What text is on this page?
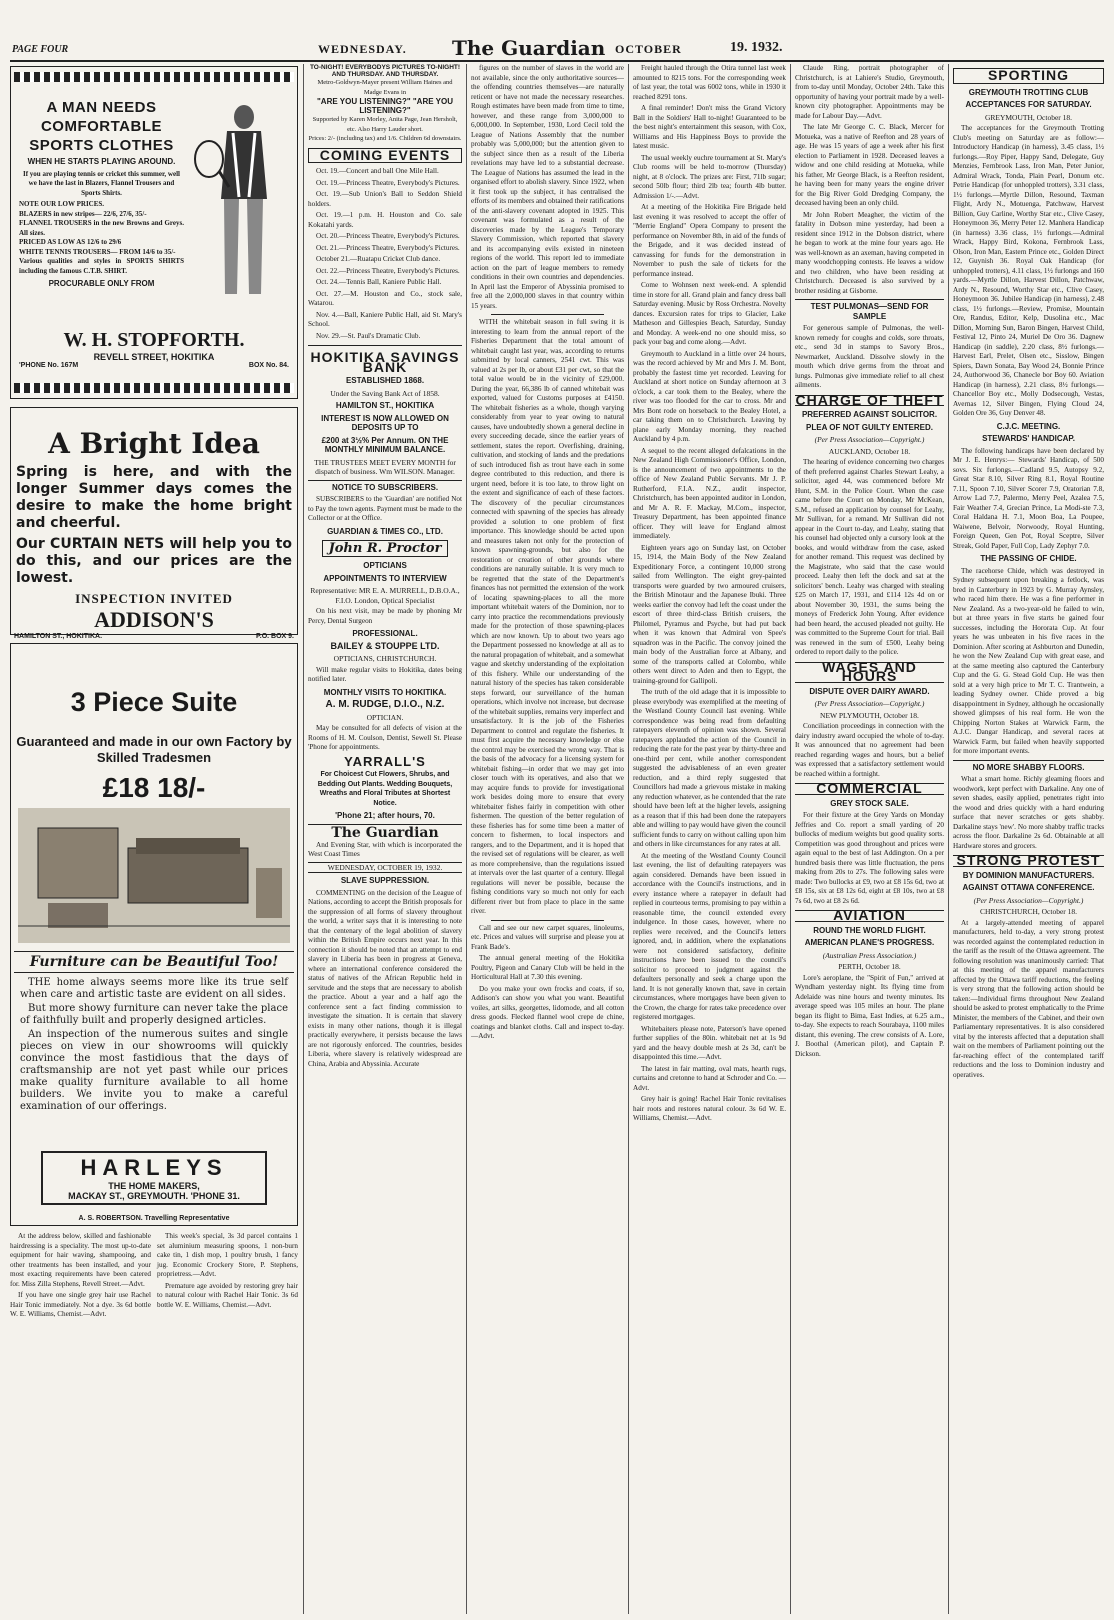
PAGE FOUR	WEDNESDAY. The Guardian OCTOBER	19. 1932.
A MAN NEEDS
COMFORTABLE
SPORTS CLOTHES
WHEN HE STARTS PLAYING AROUND.

If you are playing tennis or cricket this summer, well we have the last in Blazers, Flannel Trousers and Sports Shirts.

NOTE OUR LOW PRICES.
BLAZERS in new stripes— 22/6, 27/6, 35/-
FLANNEL TROUSERS in the new Browns and Greys. All sizes.
PRICED AS LOW AS 12/6 to 29/6
WHITE TENNIS TROUSERS— FROM 14/6 to 35/-
Various qualities and styles in SPORTS SHIRTS including the famous C.T.B. SHIRT.
PROCURABLE ONLY FROM
W. H. STOPFORTH.
REVELL STREET, HOKITIKA
'PHONE No. 167M	BOX No. 84.
A Bright Idea
Spring is here, and with the longer Summer days comes the desire to make the home bright and cheerful.
Our CURTAIN NETS will help you to do this, and our prices are the lowest.
INSPECTION INVITED
ADDISON'S
HAMILTON ST., HOKITIKA.	P.O. BOX 9.
3 Piece Suite
Guaranteed and made in our own Factory by Skilled Tradesmen
£18 18/-
Furniture can be Beautiful Too!

THE home always seems more like its true self when care and artistic taste are evident on all sides.

But more showy furniture can never take the place of faithfully built and properly designed articles.

An inspection of the numerous suites and single pieces on view in our showrooms will quickly convince the most fastidious that the days of craftsmanship are not yet past while our prices make quality furniture available to all home builders. We invite you to make a careful examination of our offerings.

HARLEYS
THE HOME MAKERS,
MACKAY ST., GREYMOUTH. 'PHONE 31.
A. S. ROBERTSON. Travelling Representative

At the address below, skilled and fashionable hairdressing is a speciality. The most up-to-date equipment for hair waving, shampooing, and other treatments has been installed, and your most exacting requirements have been catered for. Miss Zilla Stephens, Revell Street.—Advt.

If you have one single grey hair use Rachel Hair Tonic immediately. Not a dye. 3s 6d bottle W. E. Williams, Chemist.—Advt.

This week's special, 3s 3d parcel contains 1 set aluminium measuring spoons, 1 non-burn cake tin, 1 dish mop, 1 poultry brush, 1 fancy jug. Economic Crockery Store, P. Stephens, proprietress.—Advt.

Premature age avoided by restoring grey hair to natural colour with Rachel Hair Tonic. 3s 6d bottle W. E. Williams, Chemist.—Advt.

TO-NIGHT! EVERYBODYS PICTURES TO-NIGHT! AND THURSDAY. AND THURSDAY.
Metro-Goldwyn-Mayer present William Haines and Madge Evans in
"ARE YOU LISTENING?" "ARE YOU LISTENING?"
Supported by Karen Morley, Anita Page, Jean Hersholt, etc. Also Harry Lauder short.
Prices: 2/- (including tax) and 1/6. Children 6d downstairs.
COMING EVENTS

Oct. 19.—Concert and ball One Mile Hall.

Oct. 19.—Princess Theatre, Everybody's Pictures.

Oct. 19.—Sub Union's Ball to Seddon Shield holders.

Oct. 19.—1 p.m. H. Houston and Co. sale Kokatahi yards.

Oct. 20.—Princess Theatre, Everybody's Pictures.

Oct. 21.—Princess Theatre, Everybody's Pictures.

October 21.—Ruatapu Cricket Club dance.

Oct. 22.—Princess Theatre, Everybody's Pictures.

Oct. 24.—Tennis Ball, Kaniere Public Hall.

Oct. 27.—M. Houston and Co., stock sale, Watarou.

Nov. 4.—Ball, Kaniere Public Hall, aid St. Mary's School.

Nov. 29.—St. Paul's Dramatic Club.

HOKITIKA SAVINGS BANK
ESTABLISHED 1868.
Under the Saving Bank Act of 1858.
HAMILTON ST., HOKITIKA
INTEREST IS NOW ALLOWED ON DEPOSITS UP TO
£200 at 3½% Per Annum. ON THE MONTHLY MINIMUM BALANCE.
THE TRUSTEES MEET EVERY MONTH for dispatch of business. Wm WILSON. Manager.
NOTICE TO SUBSCRIBERS.

SUBSCRIBERS to the 'Guardian' are notified Not to Pay the town agents. Payment must be made to the Collector or at the Office.

GUARDIAN & TIMES CO., LTD.
John R. Proctor
OPTICIANS
APPOINTMENTS TO INTERVIEW
Representative: MR E. A. MURRELL, D.B.O.A., F.I.O. London, Optical Specialist

On his next visit, may be made by phoning Mr Percy, Dental Surgeon

PROFESSIONAL.
BAILEY & STOUPPE LTD.
OPTICIANS, CHRISTCHURCH.

Will make regular visits to Hokitika, dates being notified later.

MONTHLY VISITS TO HOKITIKA.
A. M. RUDGE, D.I.O., N.Z.
OPTICIAN.

May be consulted for all defects of vision at the Rooms of H. M. Coulson, Dentist, Sewell St. Please 'Phone for appointments.

YARRALL'S
For Choicest Cut Flowers, Shrubs, and Bedding Out Plants. Wedding Bouquets, Wreaths and Floral Tributes at Shortest Notice.
'Phone 21; after hours, 70.
The Guardian

And Evening Star, with which is incorporated the West Coast Times

WEDNESDAY, OCTOBER 19, 1932.
SLAVE SUPPRESSION.

COMMENTING on the decision of the League of Nations, according to accept the British proposals for the suppression of all forms of slavery throughout the world, a writer says that it is interesting to note that the centenary of the legal abolition of slavery within the British Empire occurs next year. In this connection it should be noted that an attempt to end slavery in Liberia has been in progress at Geneva, where an international conference considered the status of natives of the African Republic held in servitude and the steps that are necessary to abolish the practice. About a year and a half ago the conference sent a fact finding commission to investigate the situation. It is certain that slavery exists in many other nations, though it is illegal practically everywhere, it persists because the laws are not rigorously enforced. The countries, besides Liberia, where slavery is relatively widespread are China, Arabia and Abyssinia. Accurate

figures on the number of slaves in the world are not available, since the only authoritative sources—the offending countries themselves—are naturally reticent or have not made the necessary researches. Rough estimates have been made from time to time, however, and these range from 3,000,000 to 6,000,000. In September, 1930, Lord Cecil told the League of Nations Assembly that the number probably was 5,000,000; but the attention given to the subject since then as a result of the Liberia revelations may have led to a substantial decrease. The League of Nations has assumed the lead in the organised effort to abolish slavery. Since 1922, when it first took up the subject, it has centralised the efforts of its members and obtained their ratifications of the anti-slavery covenant adopted in 1925. This covenant was formulated as a result of the discoveries made by the League's Temporary Slavery Commission, which reported that slavery and its accompanying evils existed in nineteen regions of the world. This report led to immediate action on the part of league members to remedy conditions in their own countries and dependencies. In April last the Emperor of Abyssinia promised to free all the 2,000,000 slaves in that country within 15 years.

WITH the whitebait season in full swing it is interesting to learn from the annual report of the Fisheries Department that the total amount of whitebait caught last year, was, according to returns submitted by local canners, 2541 cwt. This was valued at 2s per lb, or about £31 per cwt, so that the total value would be in the vicinity of £29,000. During the year, 66,386 lb of canned whitebait was exported, valued for Customs purposes at £4150. The whitebait fisheries as a whole, though varying considerably from year to year owing to natural causes, have undoubtedly shown a general decline in every succeeding decade, since the earlier years of settlement, states the report. Overfishing, draining, cultivation, and stocking of lands and the predations of such introduced fish as trout have each in some degree contributed to this reduction, and there is urgent need, before it is too late, to throw light on the extent and significance of each of these factors. The discovery of the peculiar circumstances connected with spawning of the species has already provided a solution to one problem of first importance. This knowledge should be acted upon and measures taken not only for the protection of known spawning-grounds, but also for the restoration or creation of other grounds where conditions are naturally suitable. It is very much to be regretted that the state of the Department's finances has not permitted the extension of the work of locating spawning-places to all the more important whitebait waters of the Dominion, nor to carry into practice the recommendations previously made for the protection of those spawning-places which are now known. Up to about two years ago the Department possessed no knowledge at all as to the natural propagation of whitebait, and a somewhat vague and sketchy understanding of the exploitation of this fishery. While our understanding of the natural history of the species has taken considerable steps forward, our surveillance of the human operations, which involve not increase, but decrease of the whitebait supplies, remains very imperfect and unsatisfactory. It is the job of the Fisheries Department to control and regulate the fisheries. It must first acquire the necessary knowledge or else the control may be exercised the wrong way. That is the basis of the advocacy for a licensing system for whitebait fishing—in order that we may get into closer touch with its operatives, and also that we may acquire funds to provide for investigational work besides doing more to ensure that every whitebaiter fishes fairly in competition with other fishermen. The question of the better regulation of these fisheries has for some time been a matter of concern to fishermen, to local inspectors and rangers, and to the Department, and it is hoped that the revised set of regulations will be clearer, as well as more comprehensive, than the regulations issued at intervals over the last quarter of a century. Illegal regulations will never be possible, because the fishing conditions vary so much not only for each different river but from place to place in the same river.

Call and see our new carpet squares, linoleums, etc. Prices and values will surprise and please you at Frank Bade's.

The annual general meeting of the Hokitika Poultry, Pigeon and Canary Club will be held in the Horticultural Hall at 7.30 this evening.

Do you make your own frocks and coats, if so, Addison's can show you what you want. Beautiful voiles, art silks, georgettes, lidomode, and all cotton dress goods. Flecked flannel wool crepe de chine, coatings and blanket cloths. Call and inspect to-day.—Advt.

Freight hauled through the Otira tunnel last week amounted to 8215 tons. For the corresponding week of last year, the total was 6002 tons, while in 1930 it reached 8291 tons.

A final reminder! Don't miss the Grand Victory Ball in the Soldiers' Hall to-night! Guaranteed to be the best night's entertainment this season, with Cox, Williams and His Happiness Boys to provide the latest music.

The usual weekly euchre tournament at St. Mary's Club rooms will be held to-morrow (Thursday) night, at 8 o'clock. The prizes are: First, 71lb sugar; second 50lb flour; third 2lb tea; fourth 4lb butter. Admission 1/-.—Advt.

At a meeting of the Hokitika Fire Brigade held last evening it was resolved to accept the offer of "Merrie England" Opera Company to present the performance on November 8th, in aid of the funds of the Brigade, and it was decided instead of canvassing for funds for the demonstration in November to push the sale of tickets for the performance instead.

Come to Wohnsen next week-end. A splendid time in store for all. Grand plain and fancy dress ball Saturday evening. Music by Ross Orchestra. Novelty dances. Excursion rates for trips to Glacier, Lake Matheson and Gillespies Beach, Saturday, Sunday and Monday. A week-end no one should miss, so pack your bag and come along.—Advt.

Greymouth to Auckland in a little over 24 hours, was the record achieved by Mr and Mrs J. M. Bont, probably the fastest time yet recorded. Leaving for Auckland at short notice on Sunday afternoon at 3 o'clock, a car took them to the Bealey, where the river was too flooded for the car to cross. Mr and Mrs Bont rode on horseback to the Bealey Hotel, a car taking them on to Christchurch. Leaving by plane early Monday morning, they reached Auckland by 4 p.m.

A sequel to the recent alleged defalcations in the New Zealand High Commissioner's Office, London, is the announcement of two appointments to the office of New Zealand Public Servants. Mr J. P. Rutherford, F.I.A. N.Z., audit inspector, Christchurch, has been appointed auditor in London, and Mr A. R. F. Mackay, M.Com., inspector, Treasury Department, has been appointed finance officer. They will leave for England almost immediately.

Eighteen years ago on Sunday last, on October 15, 1914, the Main Body of the New Zealand Expeditionary Force, a contingent 10,000 strong sailed from Wellington. The eight grey-painted transports were guarded by two armoured cruisers, the British Minotaur and the Japanese Ibuki. Three weeks earlier the convoy had left the coast under the escort of three third-class British cruisers, the Philomel, Pyramus and Psyche, but had put back when it was known that Admiral von Spee's squadron was in the Pacific. The convoy joined the main body of the Australian force at Albany, and some of the transports called at Colombo, while others went direct to Aden and then to Egypt, the training-ground for Gallipoli.

The truth of the old adage that it is impossible to please everybody was exemplified at the meeting of the Westland County Council last evening. While correspondence was being read from defaulting ratepayers eleventh of opinion was shown. Several ratepayers applauded the action of the Council in reducing the rate for the past year by thirty-three and one-third per cent, while another correspondent suggested the advisableness of an even greater reduction, and a third reply suggested that Councillors had made a grievous mistake in making any reduction whatever, as he contended that the rate should have been left at the higher levels, assigning as a reason that if this had been done the ratepayers able and willing to pay would have given the council sufficient funds to carry on without calling upon him and others in like circumstances for any rates at all.

At the meeting of the Westland County Council last evening, the list of defaulting ratepayers was again considered. Demands have been issued in accordance with the Council's instructions, and in every instance where a ratepayer in default had replied in courteous terms, promising to pay within a reasonable time, the council extended every indulgence. In those cases, however, where no replies were received, and the Council's letters ignored, and, in addition, where the explanations were not considered satisfactory, definite instructions have been issued to the council's solicitor to proceed to judgment against the defaulters personally and seek a charge upon the land. It is not generally known that, save in certain circumstances, where mortgages have been given to the Crown, the charge for rates take precedence over registered mortgages.

Whitebaiters please note, Paterson's have opened further supplies of the 80in. whitebait net at 1s 9d yard and the heavy double mesh at 2s 3d, can't be disappointed this time.—Advt.

The latest in fair matting, oval mats, hearth rugs, curtains and cretonne to hand at Schroder and Co. —Advt.

Grey hair is going! Rachel Hair Tonic revitalises hair roots and restores natural colour. 3s 6d W. E. Williams, Chemist.—Advt.

Claude Ring, portrait photographer of Christchurch, is at Lahiere's Studio, Greymouth, from to-day until Monday, October 24th. Take this opportunity of having your portrait made by a well-known city photographer. Appointments may be made for Labour Day.—Advt.

The late Mr George C. C. Black, Mercer for Motueka, was a native of Reefton and 28 years of age. He was 15 years of age a week after his first election to Parliament in 1928. Deceased leaves a widow and one child residing at Motueka, while his father, Mr George Black, is a Reefton resident, he having been for many years the engine driver for the Big River Gold Dredging Company, the deceased having been an only child.

Mr John Robert Meagher, the victim of the fatality in Dobson mine yesterday, had been a resident since 1912 in the Dobson district, where he began to work at the mine four years ago. He was well-known as an axeman, having competed in many woodchopping contests. He leaves a widow and two children, who have been residing at Christchurch. Deceased is also survived by a brother residing at Gisborne.

TEST PULMONAS—SEND FOR SAMPLE

For generous sample of Pulmonas, the well-known remedy for coughs and colds, sore throats, etc., send 3d in stamps to Savory Bros., Newmarket, Auckland. Dissolve slowly in the mouth which drive germs from the throat and lungs. Pulmonas give immediate relief to all chest ailments.

CHARGE OF THEFT
PREFERRED AGAINST SOLICITOR.
PLEA OF NOT GUILTY ENTERED.
(Per Press Association—Copyright.)
AUCKLAND, October 18.

The hearing of evidence concerning two charges of theft preferred against Charles Stewart Leahy, a solicitor, aged 44, was commenced before Mr Hunt, S.M. in the Police Court. When the case came before the Court on Monday, Mr McKean, S.M., refused an application by counsel for Leahy, Mr Sullivan, for a remand. Mr Sullivan did not appear in the Court to-day, and Leahy, stating that his counsel had objected only a cursory look at the books, and would withdraw from the case, asked for another remand. This request was declined by the Magistrate, who said that the case would proceed. Leahy then left the dock and sat at the solicitors' bench. Leahy was charged with stealing £25 on March 17, 1931, and £114 12s 4d on or about November 30, 1931, the sums being the moneys of Frederick John Young. After evidence had been heard, the accused pleaded not guilty. He was committed to the Supreme Court for trial. Bail was renewed in the sum of £500, Leahy being ordered to report daily to the police.

WAGES AND HOURS
DISPUTE OVER DAIRY AWARD.
(Per Press Association—Copyright.)
NEW PLYMOUTH, October 18.

Conciliation proceedings in connection with the dairy industry award occupied the whole of to-day. It was announced that no agreement had been reached regarding wages and hours, but a belief was expressed that a satisfactory settlement would be reached within a fortnight.

COMMERCIAL
GREY STOCK SALE.

For their fixture at the Grey Yards on Monday Jeffries and Co. report a small yarding of 20 bullocks of medium weights but good quality sorts. Competition was good throughout and prices were again equal to the best of last Addington. On a per hundred basis there was little fluctuation, the pens making from 20s to 27s. The following sales were made: Two bullocks at £9, two at £8 15s 6d, two at £8 15s, six at £8 12s 6d, eight at £8 10s, two at £8 7s 6d, two at £8 2s 6d.

AVIATION
ROUND THE WORLD FLIGHT.
AMERICAN PLANE'S PROGRESS.
(Australian Press Association.)
PERTH, October 18.

Lore's aeroplane, the "Spirit of Fun," arrived at Wyndham yesterday night. Its flying time from Adelaide was nine hours and twenty minutes. Its average speed was 105 miles an hour. The plane began its flight to Bima, East Indies, at 6.25 a.m., to-day. She expects to reach Sourabaya, 1100 miles distant, this evening. The crew consists of A. Lore, J. Boothal (American pilot), and Captain P. Dickson.

SPORTING
GREYMOUTH TROTTING CLUB
ACCEPTANCES FOR SATURDAY.
GREYMOUTH, October 18.

The acceptances for the Greymouth Trotting Club's meeting on Saturday are as follow:— Introductory Handicap (in harness), 3.45 class, 1½ furlongs.—Roy Piper, Happy Sand, Delegate, Guy Menzies, Fernbrook Lass, Iron Man, Peter Junior, Admiral Wrack, Tonda, Plain Pearl, Donum etc. Petrie Handicap (for unhoppled trotters), 3.31 class, 1½ furlongs.—Myrtle Dillon, Resound, Taxman Flight, Ardy N., Motuenga, Patchwaw, Harvest Billion, Guy Carline, Worthy Star etc., Clive Casey, Honeymoon 36, Merry Peter 12. Manhera Handicap (in harness) 3.36 class, 1½ furlongs.—Admiral Wrack, Happy Bird, Kokona, Fernbrook Lass, Olson, Iron Man, Eastern Prince etc., Golden Direct 12, Guynish 36. Royal Oak Handicap (for unhoppled trotters), 4.11 class, 1½ furlongs and 160 yards.—Myrtle Dillon, Harvest Dillon, Patchwaw, Ardy N., Resound, Worthy Star etc., Clive Casey, Honeymoon 36. Jubilee Handicap (in harness), 2.48 class, 1½ furlongs.—Review, Promise, Mountain Ore, Randus, Editor, Kelp, Dusolina etc., Mac Dillon, Morning Sun, Baron Bingen, Harvest Child, Festival 12, Pinto 24, Muriel De Oro 36. Dagnew Handicap (in saddle), 2.20 class, 8½ furlongs.—Harvest Earl, Prelet, Olsen etc., Sisslow, Bingen Spiers, Dawn Sonata, Bay Wood 24, Bonnie Prince 24, Authorwood 36, Chanecle bor Boy 60. Aviation Handicap (in harness), 2.21 class, 8½ furlongs.—Chancellor Boy etc., Molly Dodsecough, Vestas, Avernas 12, Silver Bingen, Flying Cloud 24, Golden Ore 36, Guy Denver 48.

C.J.C. MEETING.
STEWARDS' HANDICAP.

The following handicaps have been declared by Mr J. E. Henrys:— Stewards' Handicap, of 500 sovs. Six furlongs.—Cadland 9.5, Autopsy 9.2, Great Star 8.10, Silver Ring 8.1, Royal Routine 7.11, Spoon 7.10, Silver Scorer 7.9, Oratorian 7.8, Arrow Lad 7.7, Palermo, Merry Peel, Azalea 7.5, Fair Weather 7.4, Grecian Prince, La Modi-ste 7.3, Coral Haldana H. 7.1, Moon Boa, La Poupee, Waiwene, Belvoir, Norwoody, Royal Hunting, Foreign Queen, Gen Pot, Royal Sceptre, Silver Streak, Gold Paper, Full Cop, Lady Zephyr 7.0.

THE PASSING OF CHIDE.

The racehorse Chide, which was destroyed in Sydney subsequent upon breaking a fetlock, was bred in Canterbury in 1923 by G. Murray Aynsley, who raced him there. He was a fine performer in New Zealand. As a two-year-old he failed to win, but at three years in five starts he gained four successes, including the Hororata Cup. At four years he was unbeaten in his five races in the Dominion. After scoring at Ashburton and Dunedin, he won the New Zealand Cup with great ease, and at the same meeting also captured the Canterbury Cup and the G. G. Stead Gold Cup. He was then sold at a very high price to Mr T. C. Trantwein, a leading Sydney owner. Chide proved a big disappointment in Sydney, although he occasionally showed glimpses of his real form. He won the Chipping Norton Stakes at Warwick Farm, the A.J.C. Dangar Handicap, and several races at Warwick Farm, but failed when heavily supported for more important events.

NO MORE SHABBY FLOORS.

What a smart home. Richly gleaming floors and woodwork, kept perfect with Darkaline. Any one of seven shades, easily applied, penetrates right into the wood and dries quickly with a hard enduring surface that never scratches or gets shabby. Darkaline stays 'new'. No more shabby traffic tracks across the floor. Darkaline 2s 6d. Obtainable at all Hardware stores and grocers.

STRONG PROTEST
BY DOMINION MANUFACTURERS.
AGAINST OTTAWA CONFERENCE.
(Per Press Association—Copyright.)
CHRISTCHURCH, October 18.

At a largely-attended meeting of apparel manufacturers, held to-day, a very strong protest was recorded against the contemplated reduction in the tariff as the result of the Ottawa agreement. The following resolution was unanimously carried: That at this meeting of the apparel manufacturers affected by the Ottawa tariff reductions, the feeling is very strong that the following action should be taken:—Individual firms throughout New Zealand should be asked to protest emphatically to the Prime Minister, the members of the Cabinet, and their own Parliamentary representatives. It is also considered vital by the interests affected that a deputation shall wait on the members of Parliament pointing out the far-reaching effect of the contemplated tariff reductions and the loss to Dominion industry and operatives.
